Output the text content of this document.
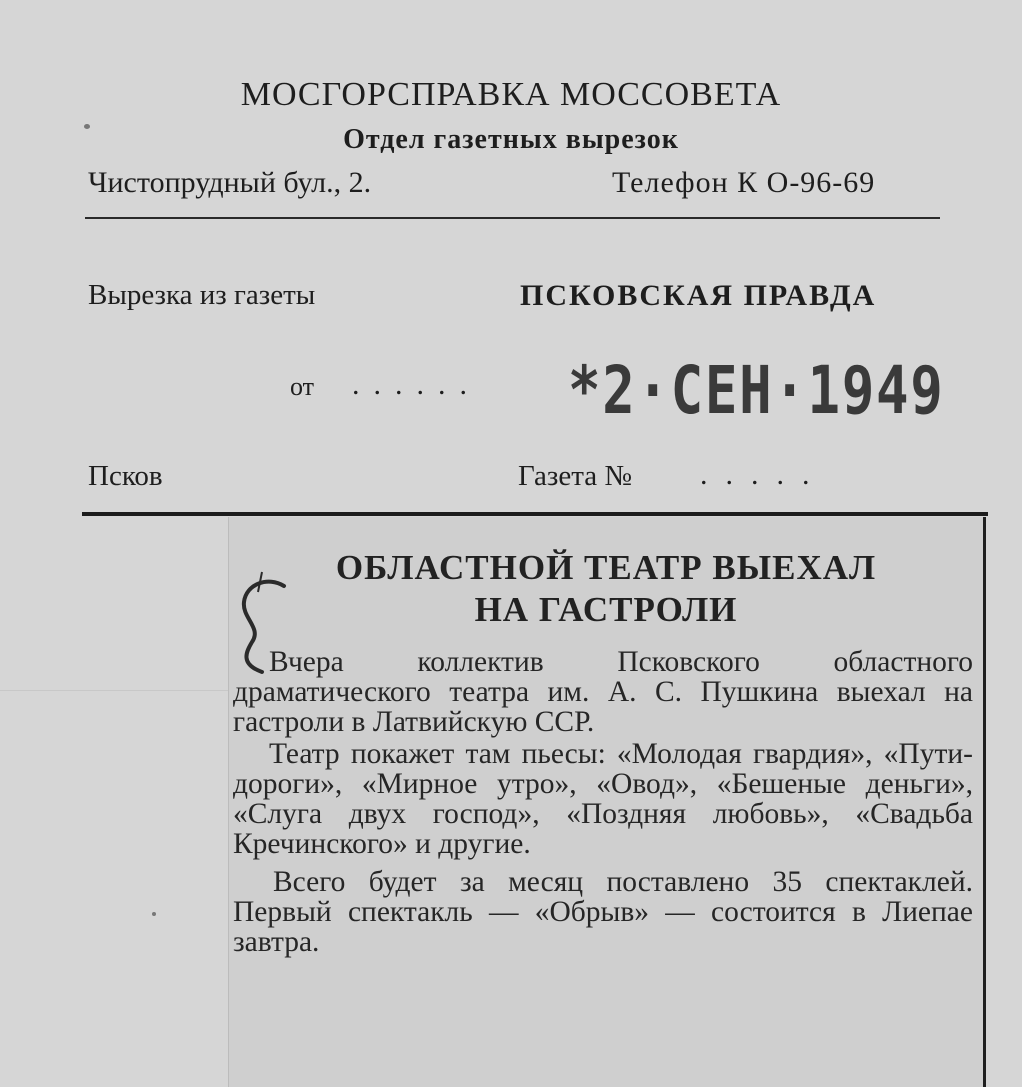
МОСГОРСПРАВКА МОССОВЕТА
Отдел газетных вырезок
Чистопрудный бул., 2.	Телефон К О-96-69
Вырезка из газеты	ПСКОВСКАЯ ПРАВДА
от ...... *2·СЕН·1949
Псков	Газета № .....
ОБЛАСТНОЙ ТЕАТР ВЫЕХАЛ
НА ГАСТРОЛИ

Вчера коллектив Псковского областного драматического театра им. А. С. Пушкина выехал на гастроли в Латвийскую ССР.

Театр покажет там пьесы: «Молодая гвардия», «Пути-дороги», «Мирное утро», «Овод», «Бешеные деньги», «Слуга двух господ», «Поздняя любовь», «Свадьба Кречинского» и другие.

Всего будет за месяц поставлено 35 спектаклей. Первый спектакль — «Обрыв» — состоится в Лиепае завтра.
